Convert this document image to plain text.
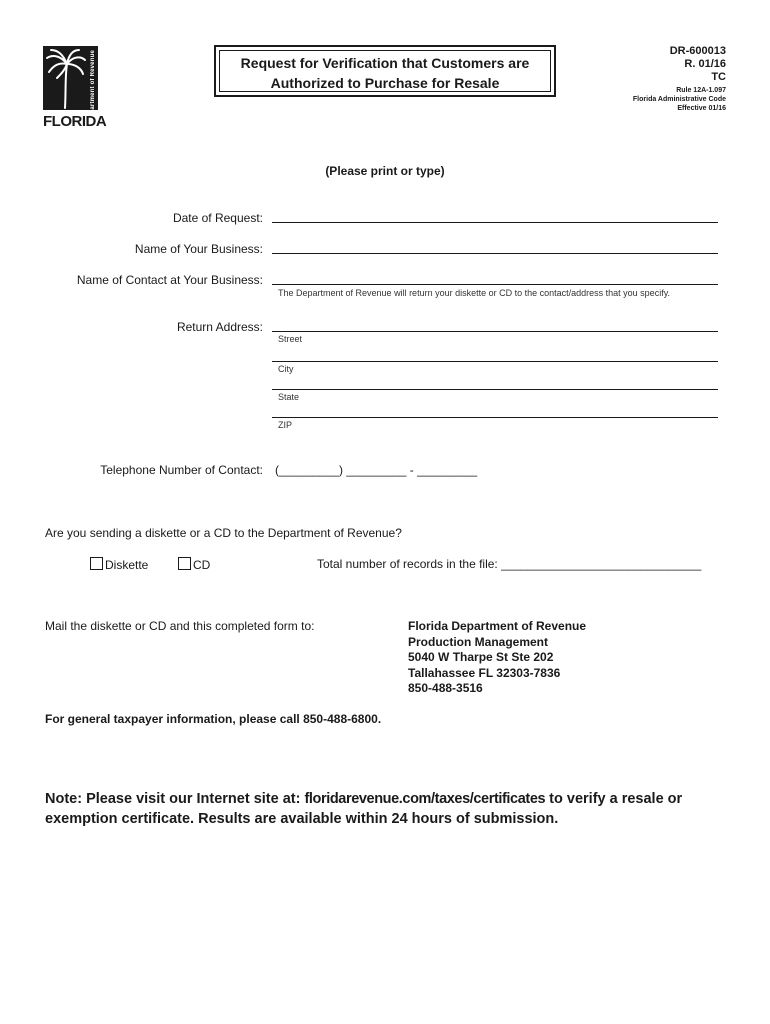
Department of Revenue
FLORIDA
Request for Verification that Customers are
Authorized to Purchase for Resale
DR-600013
R. 01/16
TC
Rule 12A-1.097
Florida Administrative Code
Effective 01/16
(Please print or type)
Date of Request:
Name of Your Business:
Name of Contact at Your Business:
The Department of Revenue will return your diskette or CD to the contact/address that you specify.
Return Address:
Street
City
State
ZIP
Telephone Number of Contact: (_________) _________ - _________
Are you sending a diskette or a CD to the Department of Revenue?
Diskette	CD	Total number of records in the file: ______________________________
Mail the diskette or CD and this completed form to:	Florida Department of Revenue
Production Management
5040 W Tharpe St Ste 202
Tallahassee FL 32303-7836
850-488-3516
For general taxpayer information, please call 850-488-6800.
Note: Please visit our Internet site at: floridarevenue.com/taxes/certificates to verify a resale or exemption certificate. Results are available within 24 hours of submission.
